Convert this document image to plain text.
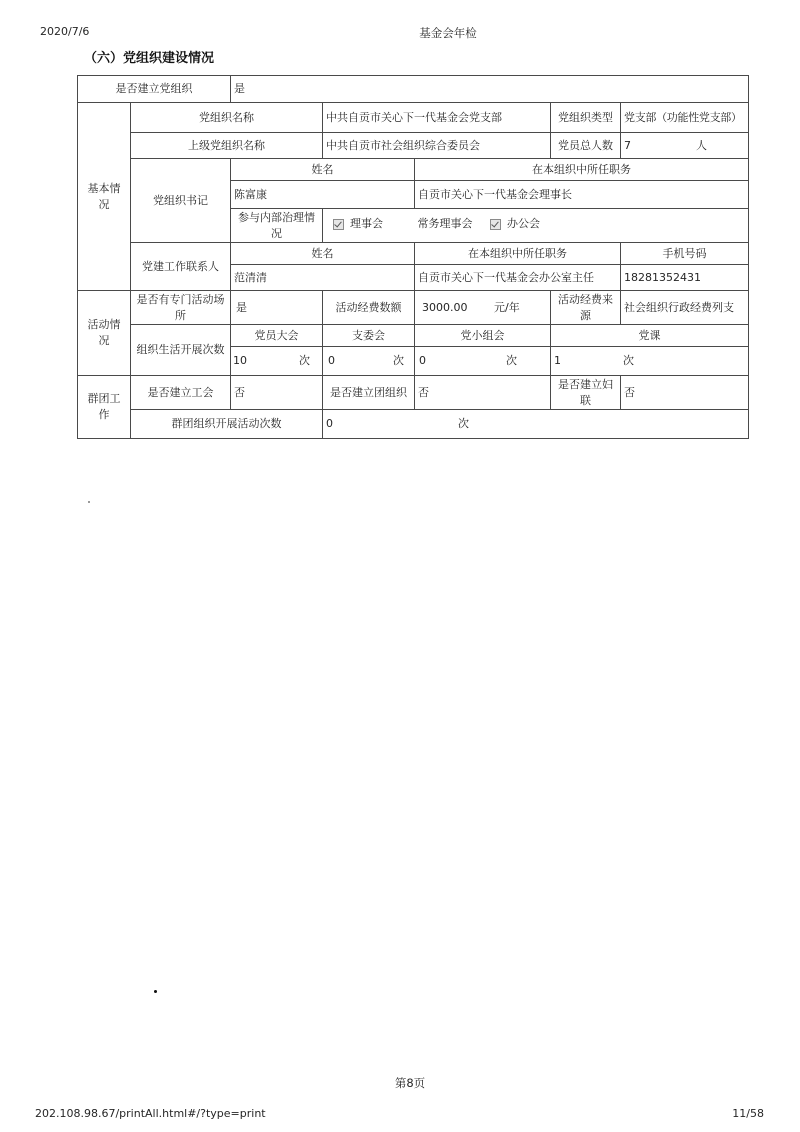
2020/7/6	基金会年检
（六）党组织建设情况
是否建立党组织		是				
基本情况	党组织名称		中共自贡市关心下一代基金会党支部		党组织类型	党支部（功能性党支部）
	上级党组织名称		中共自贡市社会组织综合委员会		党员总人数	7 人
	党组织书记	姓名		在本组织中所任职务		
		陈富康		自贡市关心下一代基金会理事长		
		参与内部治理情况	理事会
常务理事会
办公会			

	党建工作联系人	姓名		在本组织中所任职务		手机号码
		范清清		自贡市关心下一代基金会办公室主任		18281352431
活动情况	是否有专门活动场所	是	活动经费数额	3000.00 元/年	活动经费来源	社会组织行政经费列支
	组织生活开展次数	党员大会	支委会	党小组会	党课	
		10 次	0 次	0 次	1 次	
群团工作	是否建立工会	否	是否建立团组织	否	是否建立妇联	否
	群团组织开展活动次数		0 次			
第8页
202.108.98.67/printAll.html#/?type=print	11/58
